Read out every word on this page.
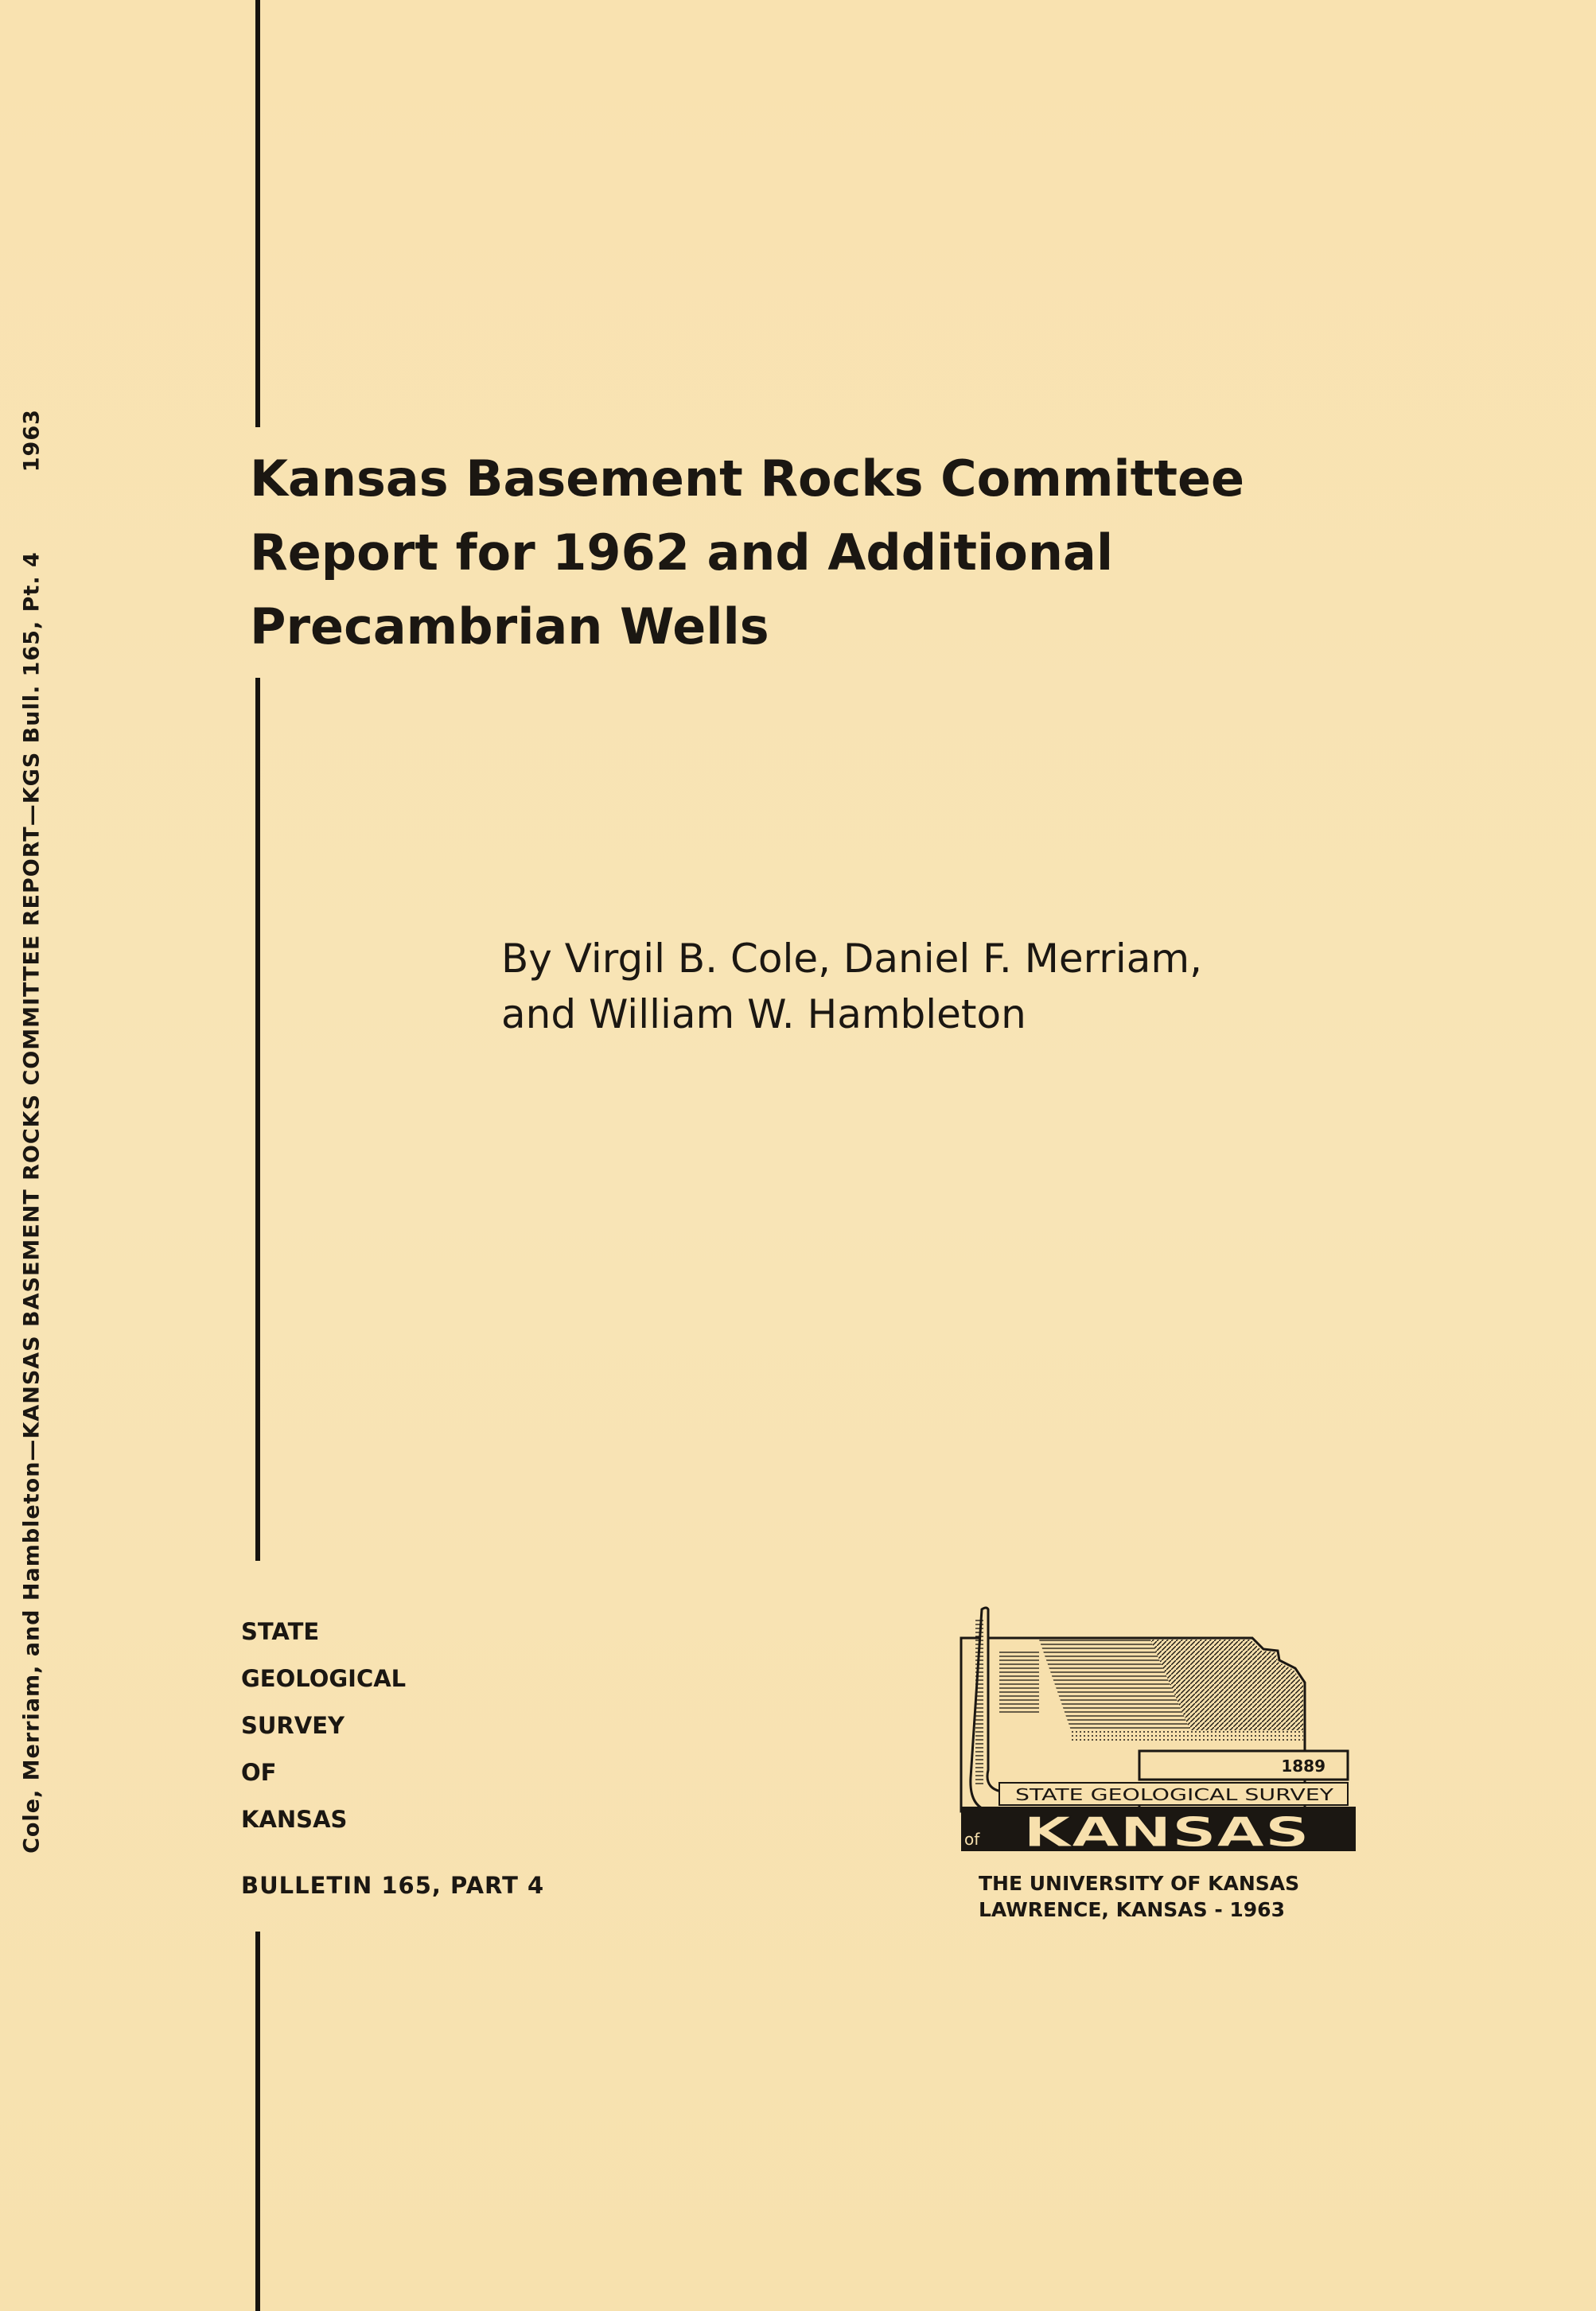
Cole, Merriam, and Hambleton—KANSAS BASEMENT ROCKS COMMITTEE REPORT—KGS Bull. 165, Pt. 41963
Kansas Basement Rocks Committee
Report for 1962 and Additional
Precambrian Wells
By Virgil B. Cole, Daniel F. Merriam,
and William W. Hambleton
STATE
GEOLOGICAL
SURVEY
OF
KANSAS
BULLETIN 165, PART 4
1889
STATE GEOLOGICAL SURVEY
of KANSAS
THE UNIVERSITY OF KANSAS
LAWRENCE, KANSAS - 1963
